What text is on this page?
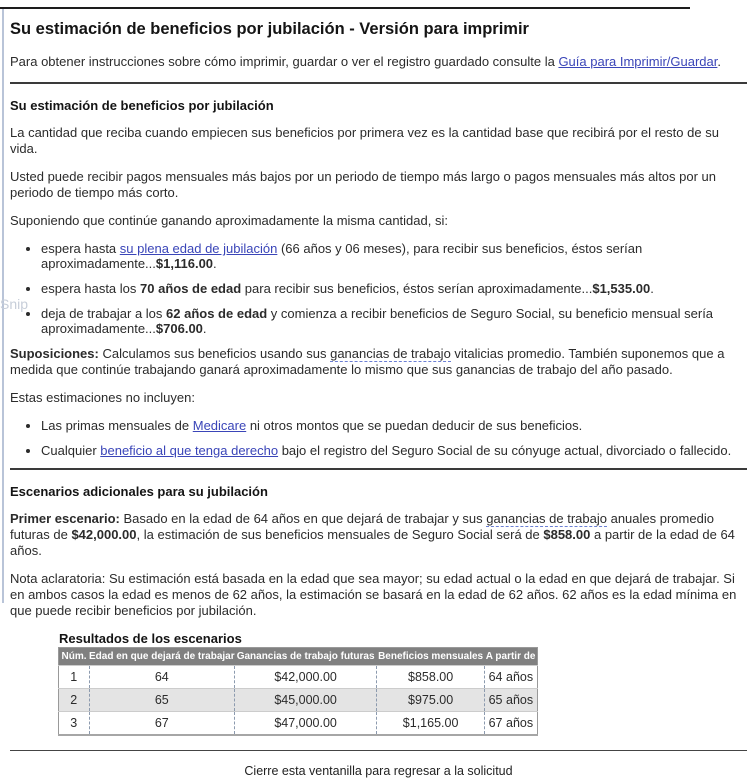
Snip
Su estimación de beneficios por jubilación - Versión para imprimir

Para obtener instrucciones sobre cómo imprimir, guardar o ver el registro guardado consulte la Guía para Imprimir/Guardar.

Su estimación de beneficios por jubilación

La cantidad que reciba cuando empiecen sus beneficios por primera vez es la cantidad base que recibirá por el resto de su vida.

Usted puede recibir pagos mensuales más bajos por un periodo de tiempo más largo o pagos mensuales más altos por un periodo de tiempo más corto.

Suponiendo que continúe ganando aproximadamente la misma cantidad, si:

• espera hasta su plena edad de jubilación (66 años y 06 meses), para recibir sus beneficios, éstos serían aproximadamente...$1,116.00.
• espera hasta los 70 años de edad para recibir sus beneficios, éstos serían aproximadamente...$1,535.00.
• deja de trabajar a los 62 años de edad y comienza a recibir beneficios de Seguro Social, su beneficio mensual sería aproximadamente...$706.00.

Suposiciones: Calculamos sus beneficios usando sus ganancias de trabajo vitalicias promedio. También suponemos que a medida que continúe trabajando ganará aproximadamente lo mismo que sus ganancias de trabajo del año pasado.

Estas estimaciones no incluyen:

• Las primas mensuales de Medicare ni otros montos que se puedan deducir de sus beneficios.
• Cualquier beneficio al que tenga derecho bajo el registro del Seguro Social de su cónyuge actual, divorciado o fallecido.
Escenarios adicionales para su jubilación

Primer escenario: Basado en la edad de 64 años en que dejará de trabajar y sus ganancias de trabajo anuales promedio futuras de $42,000.00, la estimación de sus beneficios mensuales de Seguro Social será de $858.00 a partir de la edad de 64 años.

Nota aclaratoria: Su estimación está basada en la edad que sea mayor; su edad actual o la edad en que dejará de trabajar. Si en ambos casos la edad es menos de 62 años, la estimación se basará en la edad de 62 años. 62 años es la edad mínima en que puede recibir beneficios por jubilación.

Resultados de los escenarios
Núm.	Edad en que dejará de trabajar	Ganancias de trabajo futuras	Beneficios mensuales	A partir de
1	64	$42,000.00	$858.00	64 años
2	65	$45,000.00	$975.00	65 años
3	67	$47,000.00	$1,165.00	67 años

Cierre esta ventanilla para regresar a la solicitud
